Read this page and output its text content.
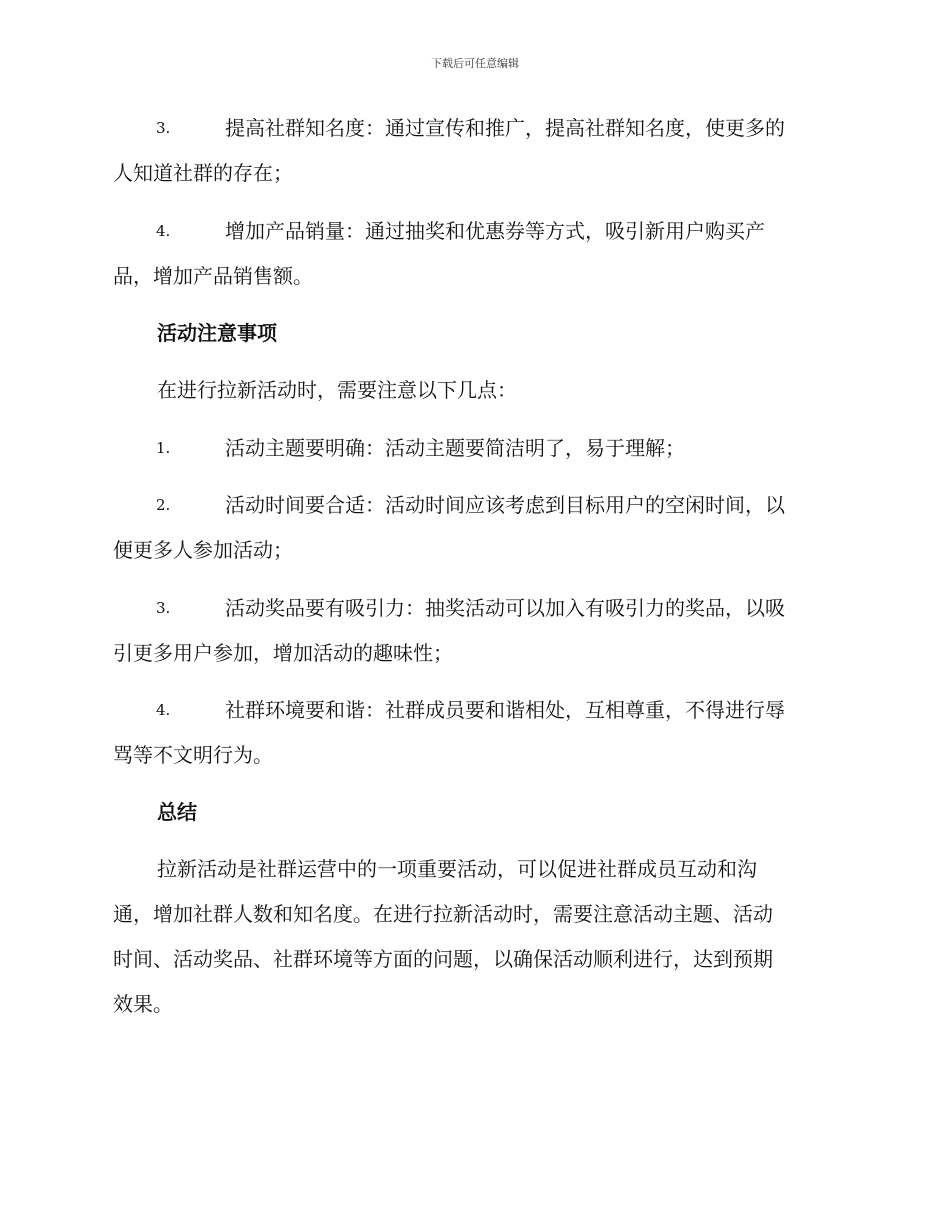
下载后可任意编辑
3.	提高社群知名度：通过宣传和推广，提高社群知名度，使更多的
人知道社群的存在；
4.	增加产品销量：通过抽奖和优惠券等方式，吸引新用户购买产
品，增加产品销售额。
活动注意事项
在进行拉新活动时，需要注意以下几点：
1.	活动主题要明确：活动主题要简洁明了，易于理解；
2.	活动时间要合适：活动时间应该考虑到目标用户的空闲时间，以
便更多人参加活动；
3.	活动奖品要有吸引力：抽奖活动可以加入有吸引力的奖品，以吸
引更多用户参加，增加活动的趣味性；
4.	社群环境要和谐：社群成员要和谐相处，互相尊重，不得进行辱
骂等不文明行为。
总结
拉新活动是社群运营中的一项重要活动，可以促进社群成员互动和沟
通，增加社群人数和知名度。在进行拉新活动时，需要注意活动主题、活动
时间、活动奖品、社群环境等方面的问题，以确保活动顺利进行，达到预期
效果。
